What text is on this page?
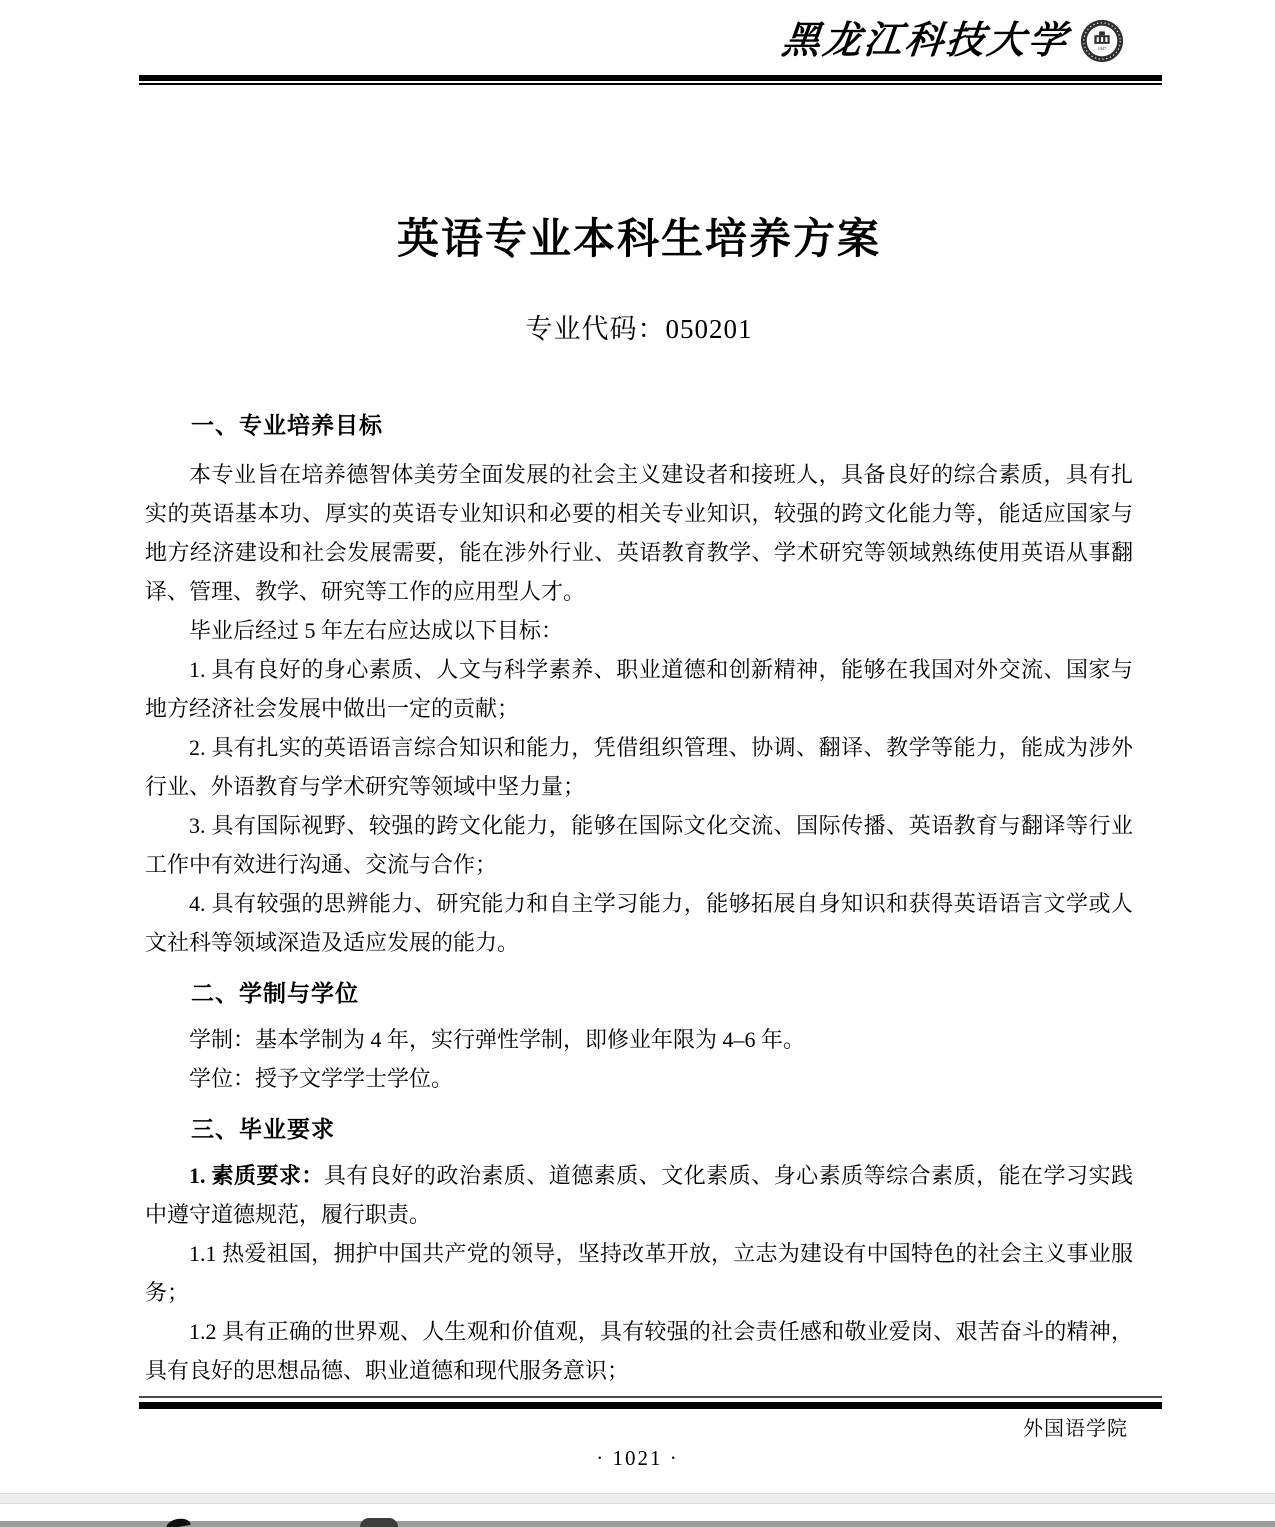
黑龙江科技大学	1947
英语专业本科生培养方案
专业代码：050201
一、专业培养目标

本专业旨在培养德智体美劳全面发展的社会主义建设者和接班人，具备良好的综合素质，具有扎实的英语基本功、厚实的英语专业知识和必要的相关专业知识，较强的跨文化能力等，能适应国家与地方经济建设和社会发展需要，能在涉外行业、英语教育教学、学术研究等领域熟练使用英语从事翻译、管理、教学、研究等工作的应用型人才。

毕业后经过 5 年左右应达成以下目标：

1. 具有良好的身心素质、人文与科学素养、职业道德和创新精神，能够在我国对外交流、国家与地方经济社会发展中做出一定的贡献；

2. 具有扎实的英语语言综合知识和能力，凭借组织管理、协调、翻译、教学等能力，能成为涉外行业、外语教育与学术研究等领域中坚力量；

3. 具有国际视野、较强的跨文化能力，能够在国际文化交流、国际传播、英语教育与翻译等行业工作中有效进行沟通、交流与合作；

4. 具有较强的思辨能力、研究能力和自主学习能力，能够拓展自身知识和获得英语语言文学或人文社科等领域深造及适应发展的能力。

二、学制与学位

学制：基本学制为 4 年，实行弹性学制，即修业年限为 4–6 年。

学位：授予文学学士学位。

三、毕业要求

1. 素质要求：具有良好的政治素质、道德素质、文化素质、身心素质等综合素质，能在学习实践中遵守道德规范，履行职责。

1.1 热爱祖国，拥护中国共产党的领导，坚持改革开放，立志为建设有中国特色的社会主义事业服务；

1.2 具有正确的世界观、人生观和价值观，具有较强的社会责任感和敬业爱岗、艰苦奋斗的精神，具有良好的思想品德、职业道德和现代服务意识；

外国语学院
· 1021 ·
